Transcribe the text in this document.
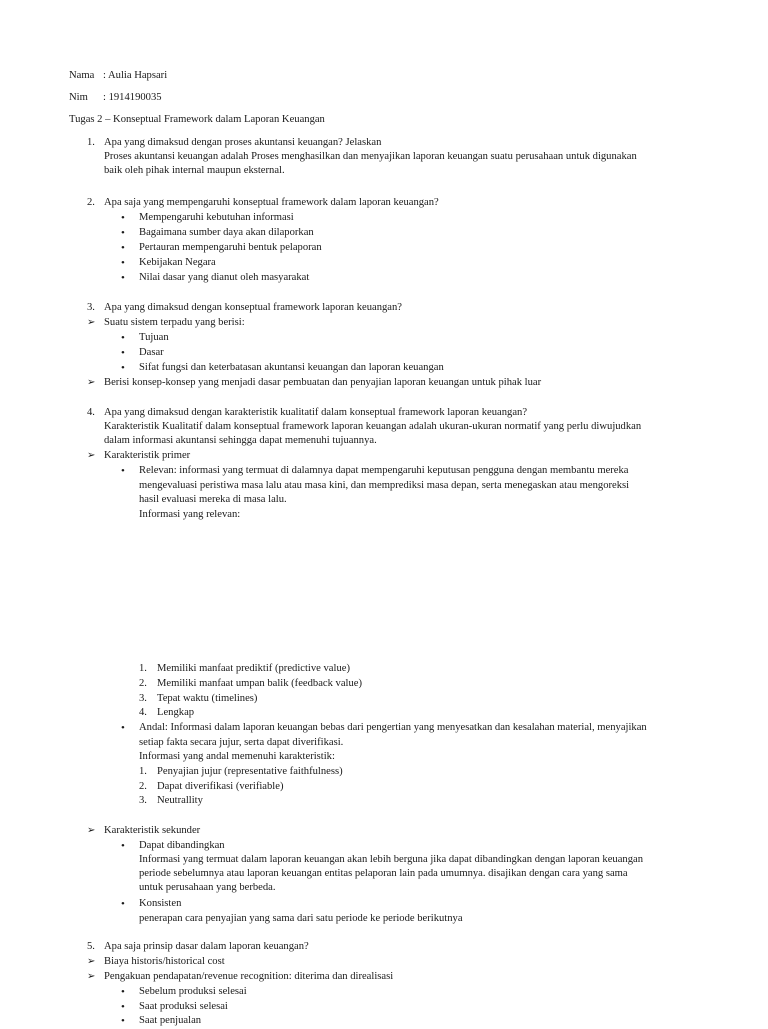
Nama : Aulia Hapsari
Nim : 1914190035
Tugas 2 – Konseptual Framework dalam Laporan Keuangan
1. Apa yang dimaksud dengan proses akuntansi keuangan? Jelaskan
Proses akuntansi keuangan adalah Proses menghasilkan dan menyajikan laporan keuangan suatu perusahaan untuk digunakan
baik oleh pihak internal maupun eksternal.
2. Apa saja yang mempengaruhi konseptual framework dalam laporan keuangan?
• Mempengaruhi kebutuhan informasi
• Bagaimana sumber daya akan dilaporkan
• Pertauran mempengaruhi bentuk pelaporan
• Kebijakan Negara
• Nilai dasar yang dianut oleh masyarakat
3. Apa yang dimaksud dengan konseptual framework laporan keuangan?
➢ Suatu sistem terpadu yang berisi:
• Tujuan
• Dasar
• Sifat fungsi dan keterbatasan akuntansi keuangan dan laporan keuangan
➢ Berisi konsep-konsep yang menjadi dasar pembuatan dan penyajian laporan keuangan untuk pihak luar
4. Apa yang dimaksud dengan karakteristik kualitatif dalam konseptual framework laporan keuangan?
Karakteristik Kualitatif dalam konseptual framework laporan keuangan adalah ukuran-ukuran normatif yang perlu diwujudkan
dalam informasi akuntansi sehingga dapat memenuhi tujuannya.
➢ Karakteristik primer
• Relevan: informasi yang termuat di dalamnya dapat mempengaruhi keputusan pengguna dengan membantu mereka
mengevaluasi peristiwa masa lalu atau masa kini, dan memprediksi masa depan, serta menegaskan atau mengoreksi
hasil evaluasi mereka di masa lalu.
Informasi yang relevan:
1. Memiliki manfaat prediktif (predictive value)
2. Memiliki manfaat umpan balik (feedback value)
3. Tepat waktu (timelines)
4. Lengkap
• Andal: Informasi dalam laporan keuangan bebas dari pengertian yang menyesatkan dan kesalahan material, menyajikan
setiap fakta secara jujur, serta dapat diverifikasi.
Informasi yang andal memenuhi karakteristik:
1. Penyajian jujur (representative faithfulness)
2. Dapat diverifikasi (verifiable)
3. Neutrallity
➢ Karakteristik sekunder
• Dapat dibandingkan
Informasi yang termuat dalam laporan keuangan akan lebih berguna jika dapat dibandingkan dengan laporan keuangan
periode sebelumnya atau laporan keuangan entitas pelaporan lain pada umumnya. disajikan dengan cara yang sama
untuk perusahaan yang berbeda.
• Konsisten
penerapan cara penyajian yang sama dari satu periode ke periode berikutnya
5. Apa saja prinsip dasar dalam laporan keuangan?
➢ Biaya historis/historical cost
➢ Pengakuan pendapatan/revenue recognition: diterima dan direalisasi
• Sebelum produksi selesai
• Saat produksi selesai
• Saat penjualan
